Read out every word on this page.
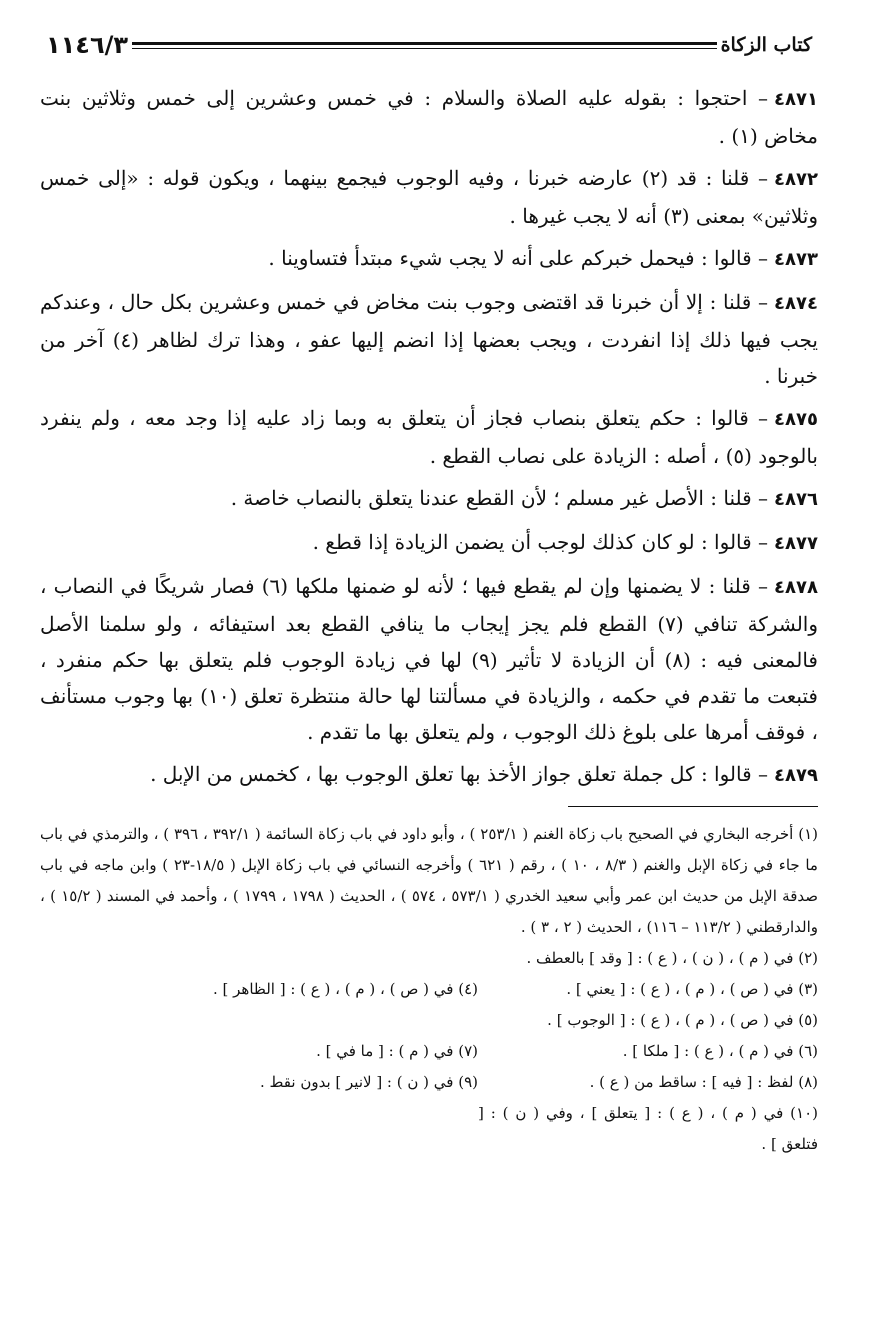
كتاب الزكاة
١١٤٦/٣

٤٨٧١– احتجوا : بقوله عليه الصلاة والسلام : في خمس وعشرين إلى خمس وثلاثين بنت مخاض (١) .

٤٨٧٢– قلنا : قد (٢) عارضه خبرنا ، وفيه الوجوب فيجمع بينهما ، ويكون قوله : «إلى خمس وثلاثين» بمعنى (٣) أنه لا يجب غيرها .

٤٨٧٣– قالوا : فيحمل خبركم على أنه لا يجب شيء مبتدأ فتساوينا .

٤٨٧٤– قلنا : إلا أن خبرنا قد اقتضى وجوب بنت مخاض في خمس وعشرين بكل حال ، وعندكم يجب فيها ذلك إذا انفردت ، ويجب بعضها إذا انضم إليها عفو ، وهذا ترك لظاهر (٤) آخر من خبرنا .

٤٨٧٥– قالوا : حكم يتعلق بنصاب فجاز أن يتعلق به وبما زاد عليه إذا وجد معه ، ولم ينفرد بالوجود (٥) ، أصله : الزيادة على نصاب القطع .

٤٨٧٦– قلنا : الأصل غير مسلم ؛ لأن القطع عندنا يتعلق بالنصاب خاصة .

٤٨٧٧– قالوا : لو كان كذلك لوجب أن يضمن الزيادة إذا قطع .

٤٨٧٨– قلنا : لا يضمنها وإن لم يقطع فيها ؛ لأنه لو ضمنها ملكها (٦) فصار شريكًا في النصاب ، والشركة تنافي (٧) القطع فلم يجز إيجاب ما ينافي القطع بعد استيفائه ، ولو سلمنا الأصل فالمعنى فيه : (٨) أن الزيادة لا تأثير (٩) لها في زيادة الوجوب فلم يتعلق بها حكم منفرد ، فتبعت ما تقدم في حكمه ، والزيادة في مسألتنا لها حالة منتظرة تعلق (١٠) بها وجوب مستأنف ، فوقف أمرها على بلوغ ذلك الوجوب ، ولم يتعلق بها ما تقدم .

٤٨٧٩– قالوا : كل جملة تعلق جواز الأخذ بها تعلق الوجوب بها ، كخمس من الإبل .

(١) أخرجه البخاري في الصحيح باب زكاة الغنم ( ٢٥٣/١ ) ، وأبو داود في باب زكاة السائمة ( ٣٩٢/١ ، ٣٩٦ ) ، والترمذي في باب ما جاء في زكاة الإبل والغنم ( ٨/٣ ، ١٠ ) ، رقم ( ٦٢١ ) وأخرجه النسائي في باب زكاة الإبل ( ١٨/٥-٢٣ ) وابن ماجه في باب صدقة الإبل من حديث ابن عمر وأبي سعيد الخدري ( ٥٧٣/١ ، ٥٧٤ ) ، الحديث ( ١٧٩٨ ، ١٧٩٩ ) ، وأحمد في المسند ( ١٥/٢ ) ، والدارقطني ( ١١٣/٢ – ١١٦) ، الحديث ( ٢ ، ٣ ) .

(٢) في ( م ) ، ( ن ) ، ( ع ) : [ وقد ] بالعطف .

(٣) في ( ص ) ، ( م ) ، ( ع ) : [ يعني ] .

(٤) في ( ص ) ، ( م ) ، ( ع ) : [ الظاهر ] .

(٥) في ( ص ) ، ( م ) ، ( ع ) : [ الوجوب ] .

(٦) في ( م ) ، ( ع ) : [ ملكا ] .

(٧) في ( م ) : [ ما في ] .

(٨) لفظ : [ فيه ] : ساقط من ( ع ) .

(٩) في ( ن ) : [ لانير ] بدون نقط .

(١٠) في ( م ) ، ( ع ) : [ يتعلق ] ، وفي ( ن ) : [ فتلعق ] .
